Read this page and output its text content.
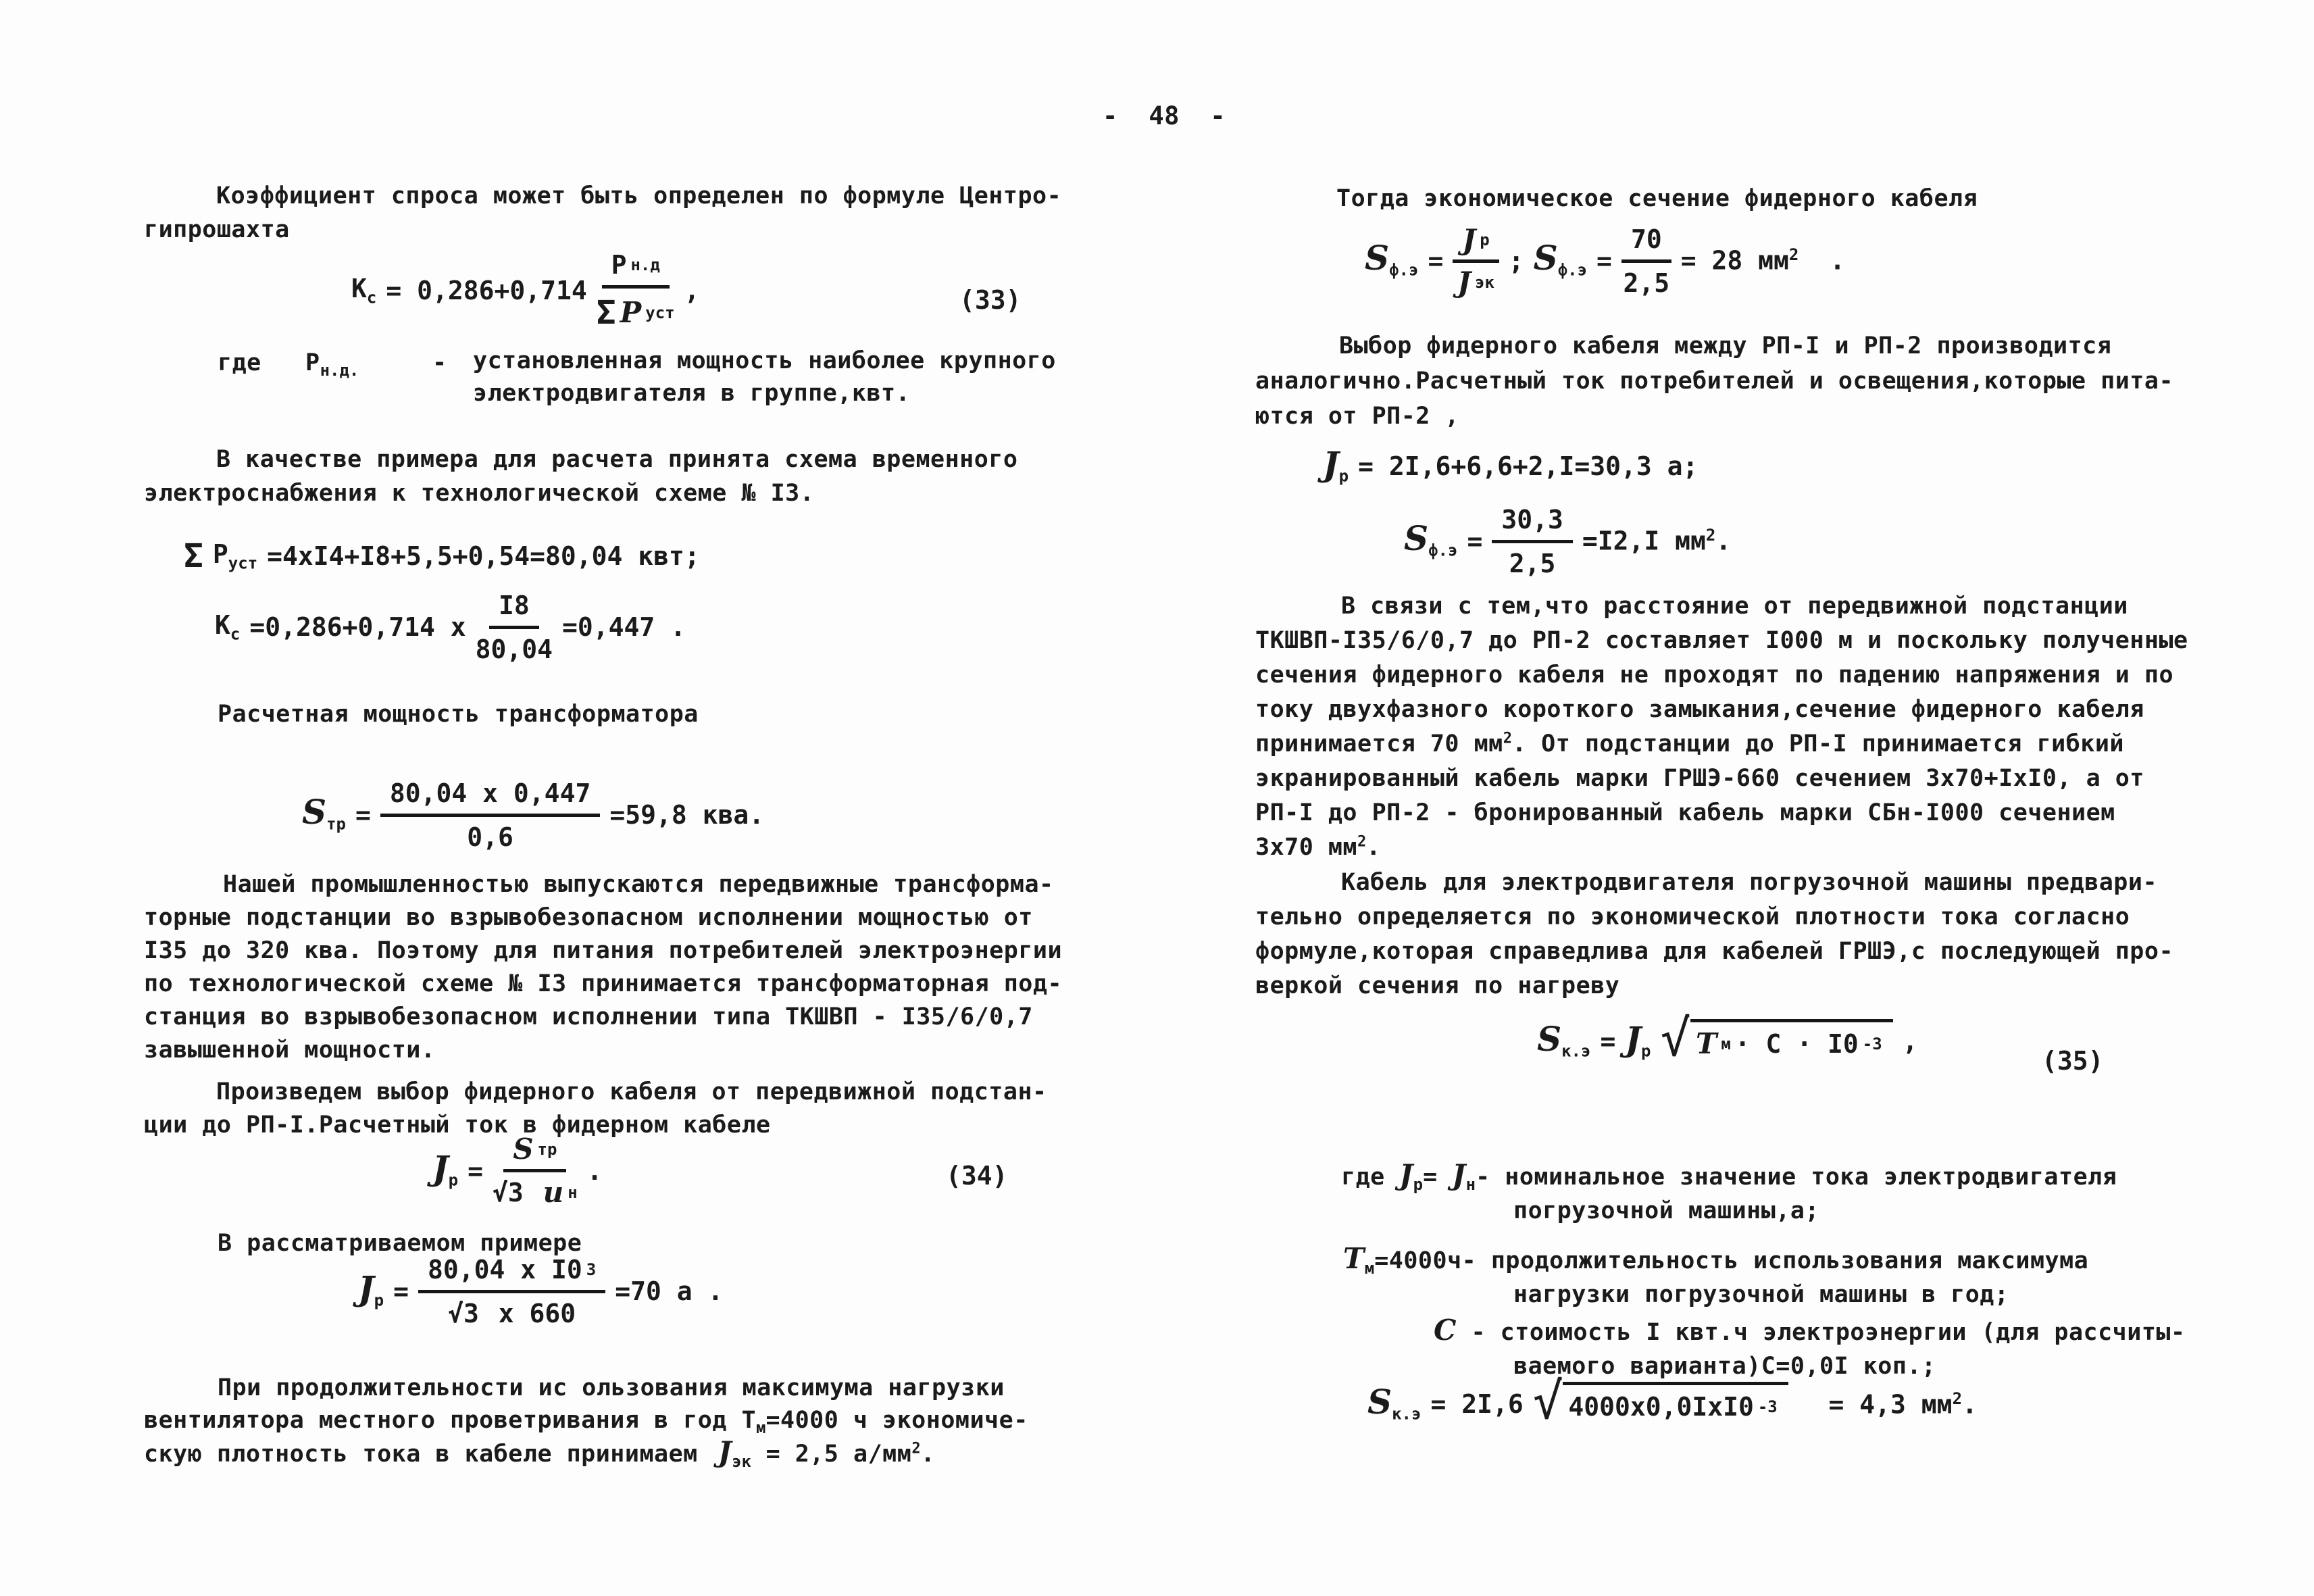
-  48  -
Коэффициент спроса может быть определен по формуле Центро-
гипрошахта
$К_с = 0,286+0,714 \frac{\text{Р н.д}}{\text{Σ Р уст}}$ ,	(33)
где $Р_{н.д.}$	- установленная мощность наиболее крупного
электродвигателя в группе,квт.
В качестве примера для расчета принята схема временного
электроснабжения к технологической схеме № I3.
Σ $Р_{уст} =4хI4+I8+5,5+0,54=80,04$ квт;
$К_с =0,286+0,714$ х $\frac{I8}{80,04} =0,447$ .
Расчетная мощность трансформатора
$S_{тр} = \frac{80,04 х 0,447}{0,6} =59,8$ ква.
Нашей промышленностью выпускаются передвижные трансформа-
торные подстанции во взрывобезопасном исполнении мощностью от
I35 до 320 ква. Поэтому для питания потребителей электроэнергии
по технологической схеме № I3 принимается трансформаторная под-
станция во взрывобезопасном исполнении типа ТКШВП - I35/6/0,7
завышенной мощности.
Произведем выбор фидерного кабеля от передвижной подстан-
ции до РП-I.Расчетный ток в фидерном кабеле
$J_р = \frac{\text{S тр}}{\text{√3 u н}}$ .	(34)
В рассматриваемом примере
$J_р = \frac{\text{80,04 х I0 3}}{√3 х 660} =70$ а .
При продолжительности ис ользования максимума нагрузки
вентилятора местного проветривания в год $Т_м=4000$ ч экономиче-
скую плотность тока в кабеле принимаем $J_{эк} = 2,5$ $а/мм^2$.
Тогда экономическое сечение фидерного кабеля
$S_{ф.э} = \frac{\text{J р}}{\text{J эк}}$ ; $S_{ф.э} = \frac{70}{2,5} = 28$ $мм^2$ .
Выбор фидерного кабеля между РП-I и РП-2 производится
аналогично.Расчетный ток потребителей и освещения,которые пита-
ются от РП-2 ,
$J_р = 2I,6+6,6+2,I=30,3$ а;
$S_{ф.э} = \frac{30,3}{2,5} =I2,I$ $мм^2$.
В связи с тем,что расстояние от передвижной подстанции
ТКШВП-I35/6/0,7 до РП-2 составляет I000 м и поскольку полученные
сечения фидерного кабеля не проходят по падению напряжения и по
току двухфазного короткого замыкания,сечение фидерного кабеля
принимается 70 $мм^2$. От подстанции до РП-I принимается гибкий
экранированный кабель марки ГРШЭ-660 сечением 3х70+IхI0, а от
РП-I до РП-2 - бронированный кабель марки СБн-I000 сечением
3х70 $мм^2$.
Кабель для электродвигателя погрузочной машины предвари-
тельно определяется по экономической плотности тока согласно
формуле,которая справедлива для кабелей ГРШЭ,с последующей про-
веркой сечения по нагреву
$S_{к.э} = J_р$ √ Т м · С · I0 -3 ,
(35)
где $J_р= J_н-$ номинальное значение тока электродвигателя
погрузочной машины,а;
$Т_м=4000ч-$ продолжительность использования максимума
нагрузки погрузочной машины в год;
С - стоимость I квт.ч электроэнергии (для рассчиты-
ваемого варианта)С=0,0I коп.;
$S_{к.э} = 2I,6$ √ 4000х0,0IхI0 -3	= 4,3 $мм^2$.
